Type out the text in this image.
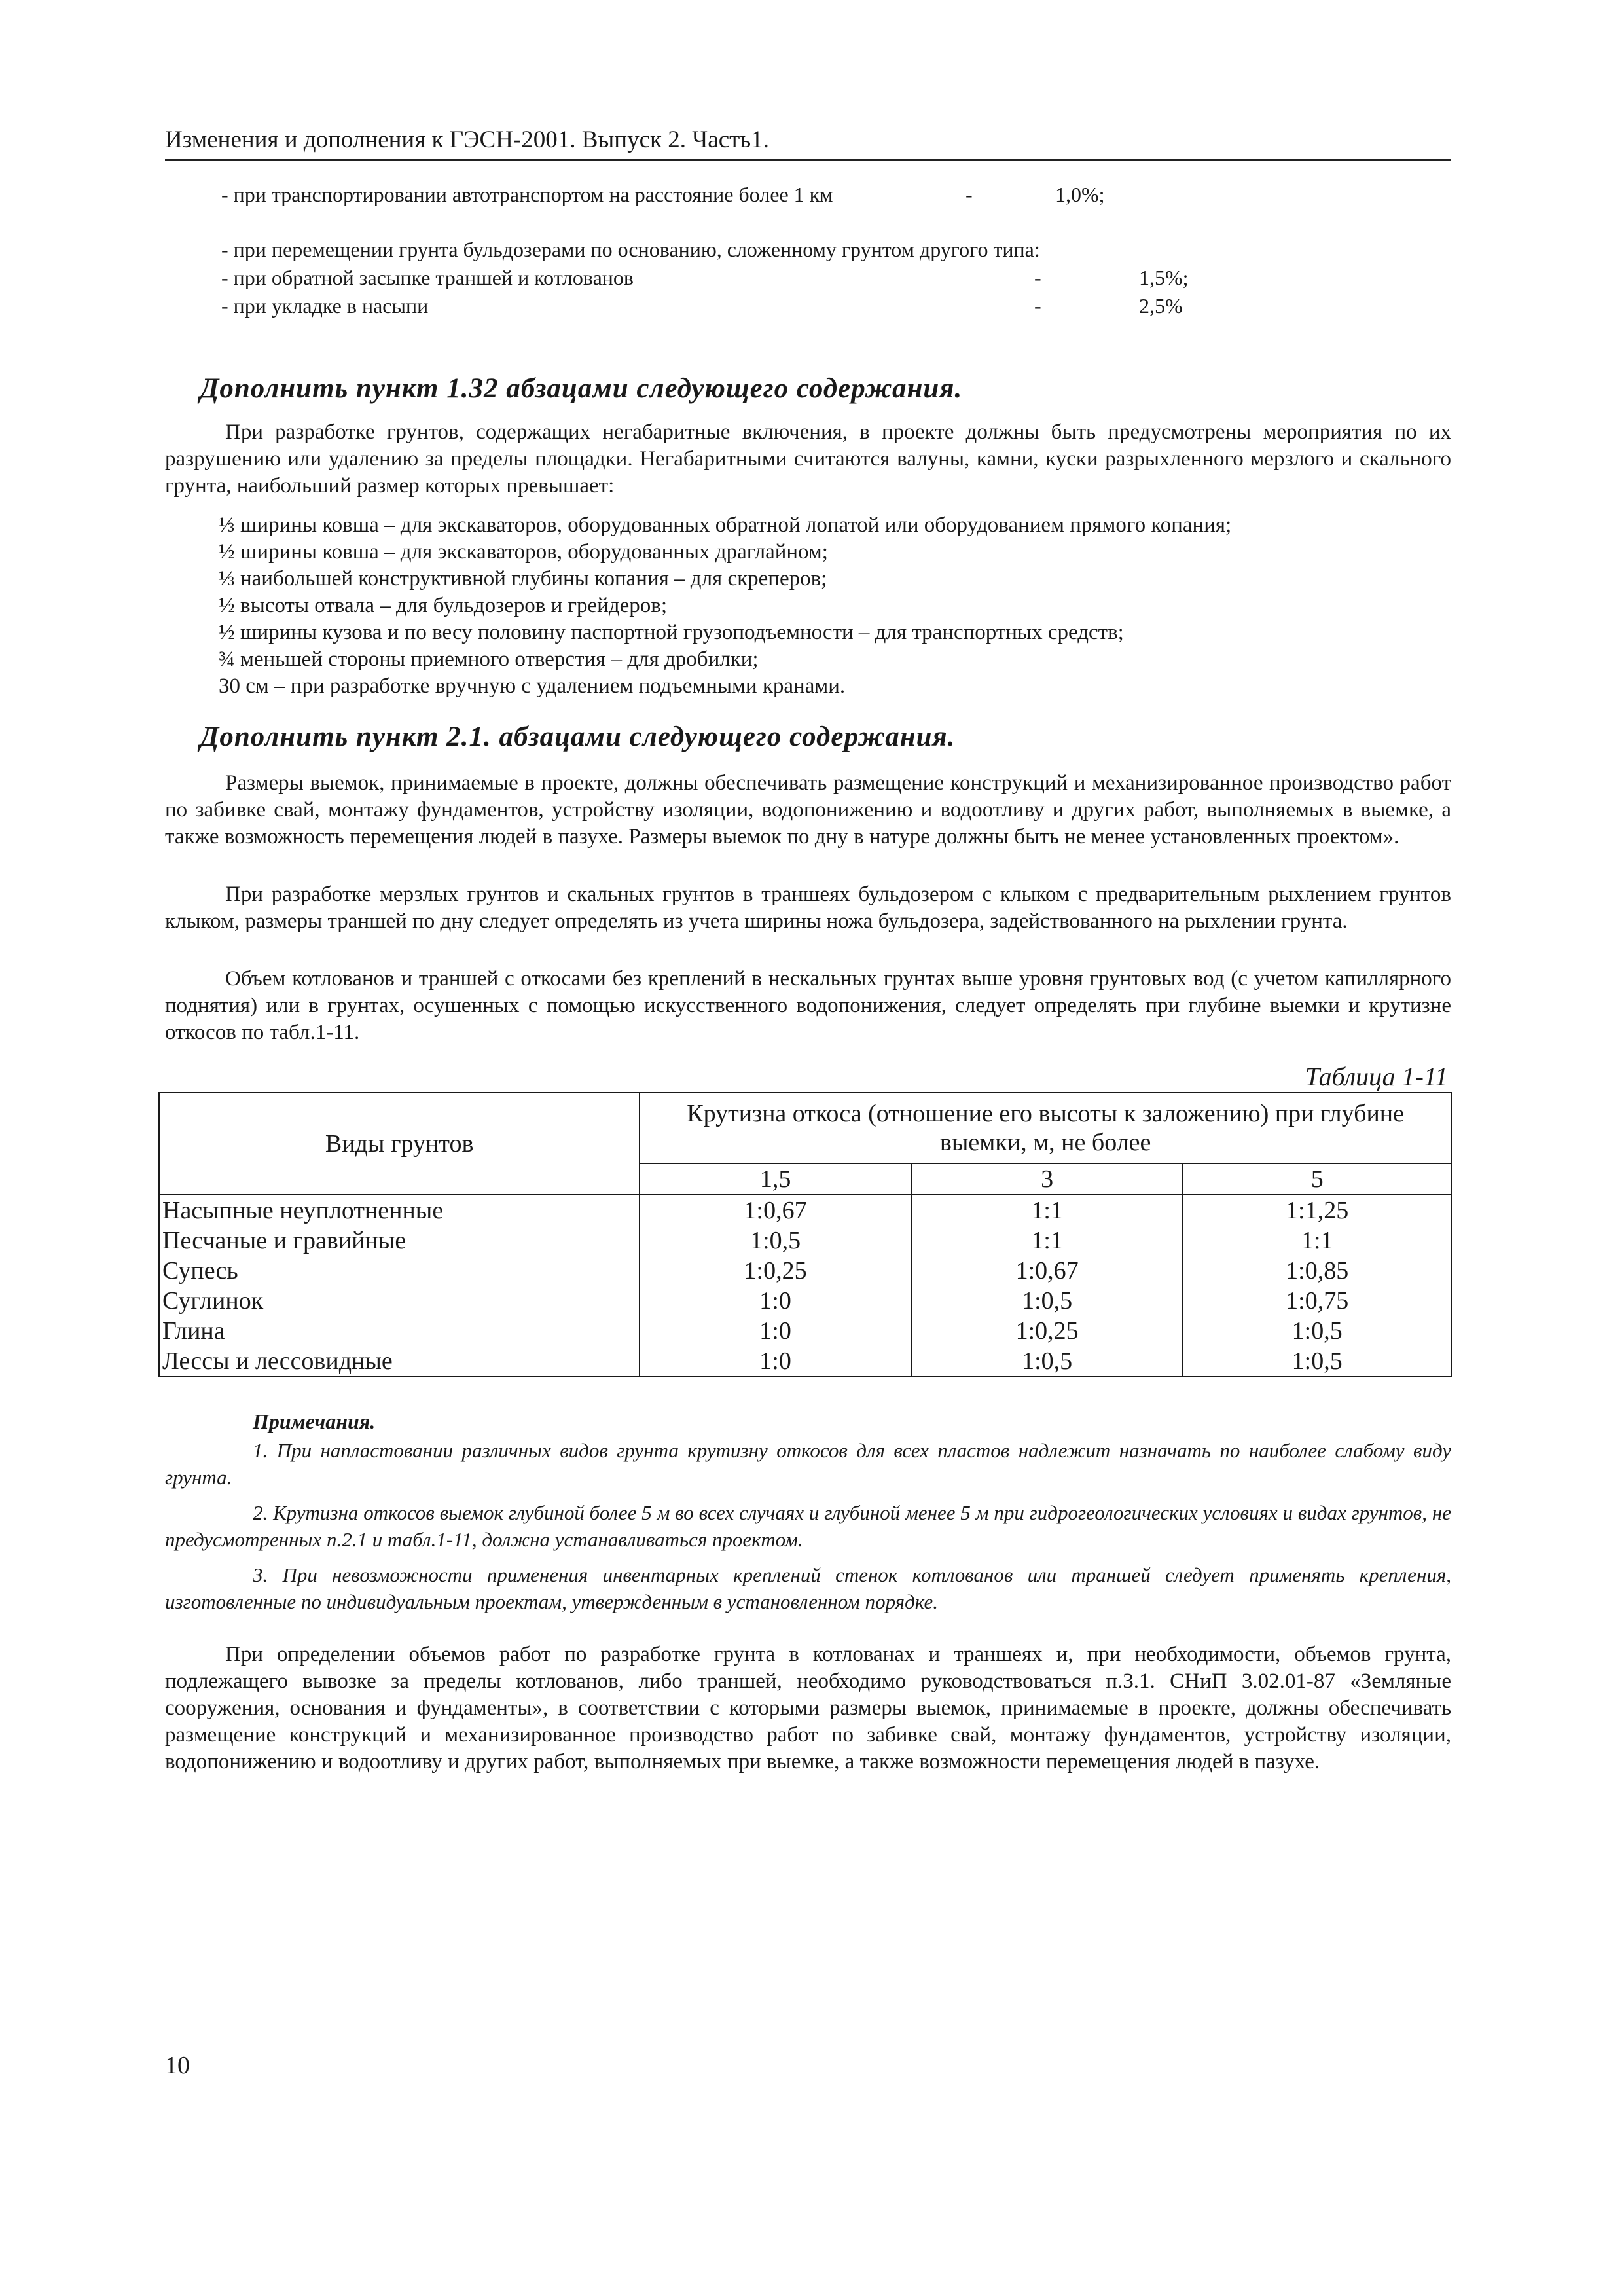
Изменения и дополнения к ГЭСН-2001. Выпуск 2. Часть1.
- при транспортировании автотранспортом на расстояние более 1 км	-	1,0%;
- при перемещении грунта бульдозерами по основанию, сложенному грунтом другого типа:
- при обратной засыпке траншей и котлованов	-	1,5%;
- при укладке в насыпи	-	2,5%
Дополнить пункт 1.32 абзацами следующего содержания.
При разработке грунтов, содержащих негабаритные включения, в проекте должны быть предусмотрены мероприятия по их разрушению или удалению за пределы площадки. Негабаритными считаются валуны, камни, куски разрыхленного мерзлого и скального грунта, наибольший размер которых превышает:
⅓ ширины ковша – для экскаваторов, оборудованных обратной лопатой или оборудованием прямого копания;
½ ширины ковша – для экскаваторов, оборудованных драглайном;
⅓ наибольшей конструктивной глубины копания – для скреперов;
½ высоты отвала – для бульдозеров и грейдеров;
½ ширины кузова и по весу половину паспортной грузоподъемности – для транспортных средств;
¾ меньшей стороны приемного отверстия – для дробилки;
30 см – при разработке вручную с удалением подъемными кранами.
Дополнить пункт 2.1. абзацами следующего содержания.
Размеры выемок, принимаемые в проекте, должны обеспечивать размещение конструкций и механизированное производство работ по забивке свай, монтажу фундаментов, устройству изоляции, водопонижению и водоотливу и других работ, выполняемых в выемке, а также возможность перемещения людей в пазухе. Размеры выемок по дну в натуре должны быть не менее установленных проектом».
При разработке мерзлых грунтов и скальных грунтов в траншеях бульдозером с клыком с предварительным рыхлением грунтов клыком, размеры траншей по дну следует определять из учета ширины ножа бульдозера, задействованного на рыхлении грунта.
Объем котлованов и траншей с откосами без креплений в нескальных грунтах выше уровня грунтовых вод (с учетом капиллярного поднятия) или в грунтах, осушенных с помощью искусственного водопонижения, следует определять при глубине выемки и крутизне откосов по табл.1-11.
Таблица 1-11
Виды грунтов	Крутизна откоса (отношение его высоты к заложению) при глубине выемки, м, не более		
	1,5	3	5
Насыпные неуплотненные	1:0,67	1:1	1:1,25
Песчаные и гравийные	1:0,5	1:1	1:1
Супесь	1:0,25	1:0,67	1:0,85
Суглинок	1:0	1:0,5	1:0,75
Глина	1:0	1:0,25	1:0,5
Лессы и лессовидные	1:0	1:0,5	1:0,5
Примечания.
1. При напластовании различных видов грунта крутизну откосов для всех пластов надлежит назначать по наиболее слабому виду грунта.
2. Крутизна откосов выемок глубиной более 5 м во всех случаях и глубиной менее 5 м при гидрогеологических условиях и видах грунтов, не предусмотренных п.2.1 и табл.1-11, должна устанавливаться проектом.
3. При невозможности применения инвентарных креплений стенок котлованов или траншей следует применять крепления, изготовленные по индивидуальным проектам, утвержденным в установленном порядке.
При определении объемов работ по разработке грунта в котлованах и траншеях и, при необходимости, объемов грунта, подлежащего вывозке за пределы котлованов, либо траншей, необходимо руководствоваться п.3.1. СНиП 3.02.01-87 «Земляные сооружения, основания и фундаменты», в соответствии с которыми размеры выемок, принимаемые в проекте, должны обеспечивать размещение конструкций и механизированное производство работ по забивке свай, монтажу фундаментов, устройству изоляции, водопонижению и водоотливу и других работ, выполняемых при выемке, а также возможности перемещения людей в пазухе.
10
